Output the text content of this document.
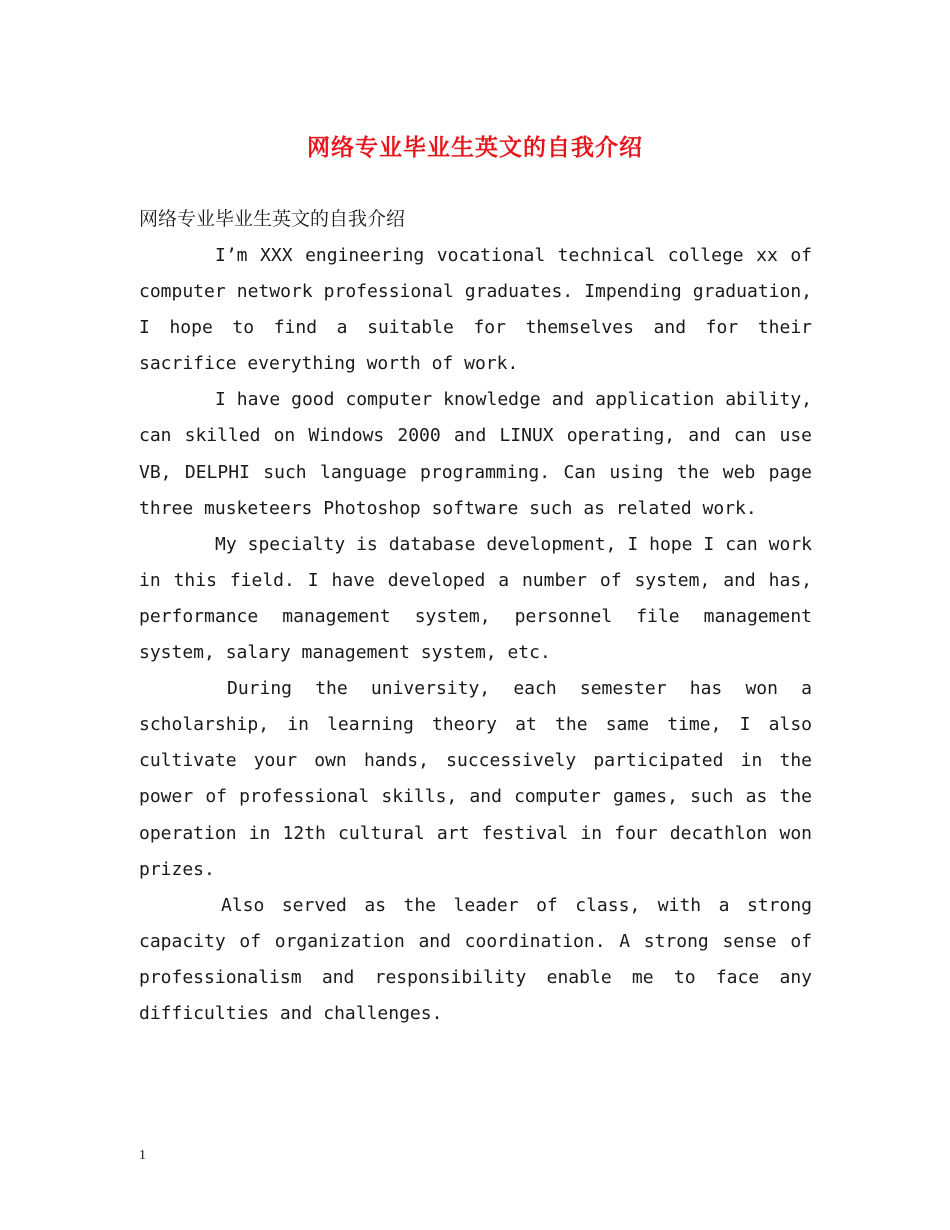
网络专业毕业生英文的自我介绍

网络专业毕业生英文的自我介绍

I’m XXX engineering vocational technical college xx of computer network professional graduates. Impending graduation, I hope to find a suitable for themselves and for their sacrifice everything worth of work.

I have good computer knowledge and application ability, can skilled on Windows 2000 and LINUX operating, and can use VB, DELPHI such language programming. Can using the web page three musketeers Photoshop software such as related work.

My specialty is database development, I hope I can work in this field. I have developed a number of system, and has, performance management system, personnel file management system, salary management system, etc.

During the university, each semester has won a scholarship, in learning theory at the same time, I also cultivate your own hands, successively participated in the power of professional skills, and computer games, such as the operation in 12th cultural art festival in four decathlon won prizes.

Also served as the leader of class, with a strong capacity of organization and coordination. A strong sense of professionalism and responsibility enable me to face any difficulties and challenges.

1
